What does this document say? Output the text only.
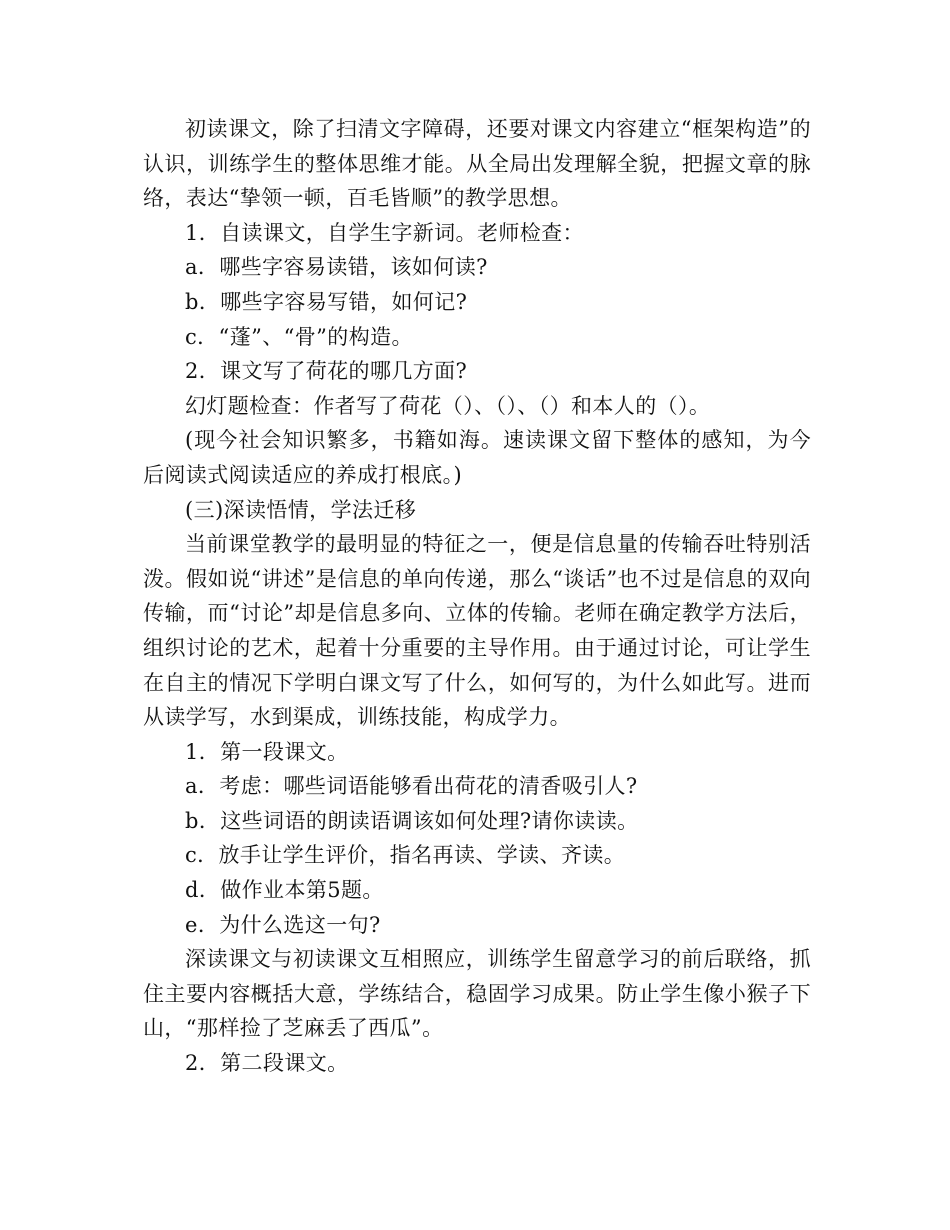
初读课文，除了扫清文字障碍，还要对课文内容建立“框架构造”的认识，训练学生的整体思维才能。从全局出发理解全貌，把握文章的脉络，表达“挚领一顿，百毛皆顺”的教学思想。

1．自读课文，自学生字新词。老师检查：

a．哪些字容易读错，该如何读?

b．哪些字容易写错，如何记?

c．“蓬”、“骨”的构造。

2．课文写了荷花的哪几方面?

幻灯题检查：作者写了荷花（）、（）、（）和本人的（）。

(现今社会知识繁多，书籍如海。速读课文留下整体的感知，为今后阅读式阅读适应的养成打根底。)

(三)深读悟情，学法迁移

当前课堂教学的最明显的特征之一，便是信息量的传输吞吐特别活泼。假如说“讲述”是信息的单向传递，那么“谈话”也不过是信息的双向传输，而“讨论”却是信息多向、立体的传输。老师在确定教学方法后，组织讨论的艺术，起着十分重要的主导作用。由于通过讨论，可让学生在自主的情况下学明白课文写了什么，如何写的，为什么如此写。进而从读学写，水到渠成，训练技能，构成学力。

1．第一段课文。

a．考虑：哪些词语能够看出荷花的清香吸引人?

b．这些词语的朗读语调该如何处理?请你读读。

c．放手让学生评价，指名再读、学读、齐读。

d．做作业本第5题。

e．为什么选这一句?

深读课文与初读课文互相照应，训练学生留意学习的前后联络，抓住主要内容概括大意，学练结合，稳固学习成果。防止学生像小猴子下山，“那样捡了芝麻丢了西瓜”。

2．第二段课文。
